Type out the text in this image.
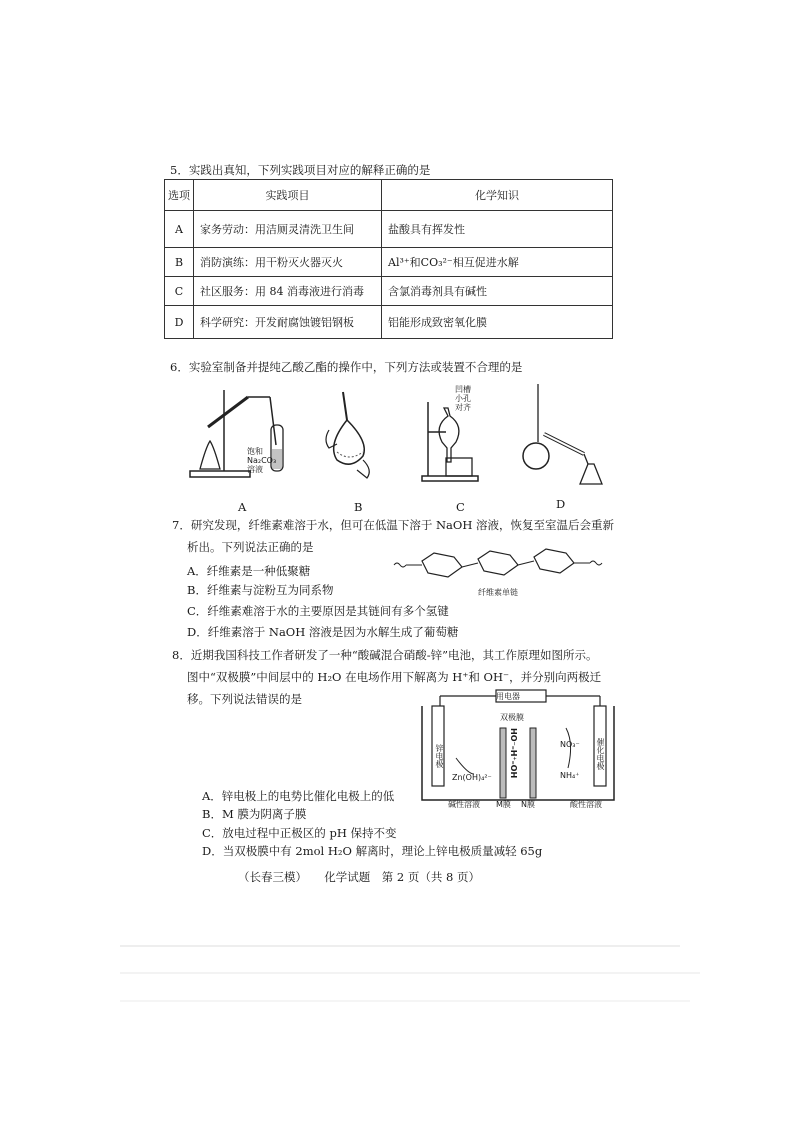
5．实践出真知，下列实践项目对应的解释正确的是
选项	实践项目	化学知识
A	家务劳动：用洁厕灵清洗卫生间	盐酸具有挥发性
B	消防演练：用干粉灭火器灭火	Al³⁺和CO₃²⁻相互促进水解
C	社区服务：用 84 消毒液进行消毒	含氯消毒剂具有碱性
D	科学研究：开发耐腐蚀镀铝钢板	铝能形成致密氧化膜
6．实验室制备并提纯乙酸乙酯的操作中，下列方法或装置不合理的是
饱和
Na₂CO₃
溶液
凹槽
小孔
对齐
A	B	C	D
7．研究发现，纤维素难溶于水，但可在低温下溶于 NaOH 溶液，恢复至室温后会重新
析出。下列说法正确的是
A．纤维素是一种低聚糖
B．纤维素与淀粉互为同系物
C．纤维素难溶于水的主要原因是其链间有多个氢键
D．纤维素溶于 NaOH 溶液是因为水解生成了葡萄糖
纤维素单链
8．近期我国科技工作者研发了一种“酸碱混合硝酸-锌”电池，其工作原理如图所示。
图中“双极膜”中间层中的 H₂O 在电场作用下解离为 H⁺和 OH⁻，并分别向两极迁
移。下列说法错误的是	用电器
双极膜
HO⁻–H⁺–OH
锌电极	催化电极
Zn(OH)₄²⁻
NO₃⁻
NH₄⁺
碱性溶液 M膜 N膜	酸性溶液
A．锌电极上的电势比催化电极上的低
B．M 膜为阴离子膜
C．放电过程中正极区的 pH 保持不变
D．当双极膜中有 2mol H₂O 解离时，理论上锌电极质量减轻 65g
（长春三模）　　化学试题　第 2 页（共 8 页）
